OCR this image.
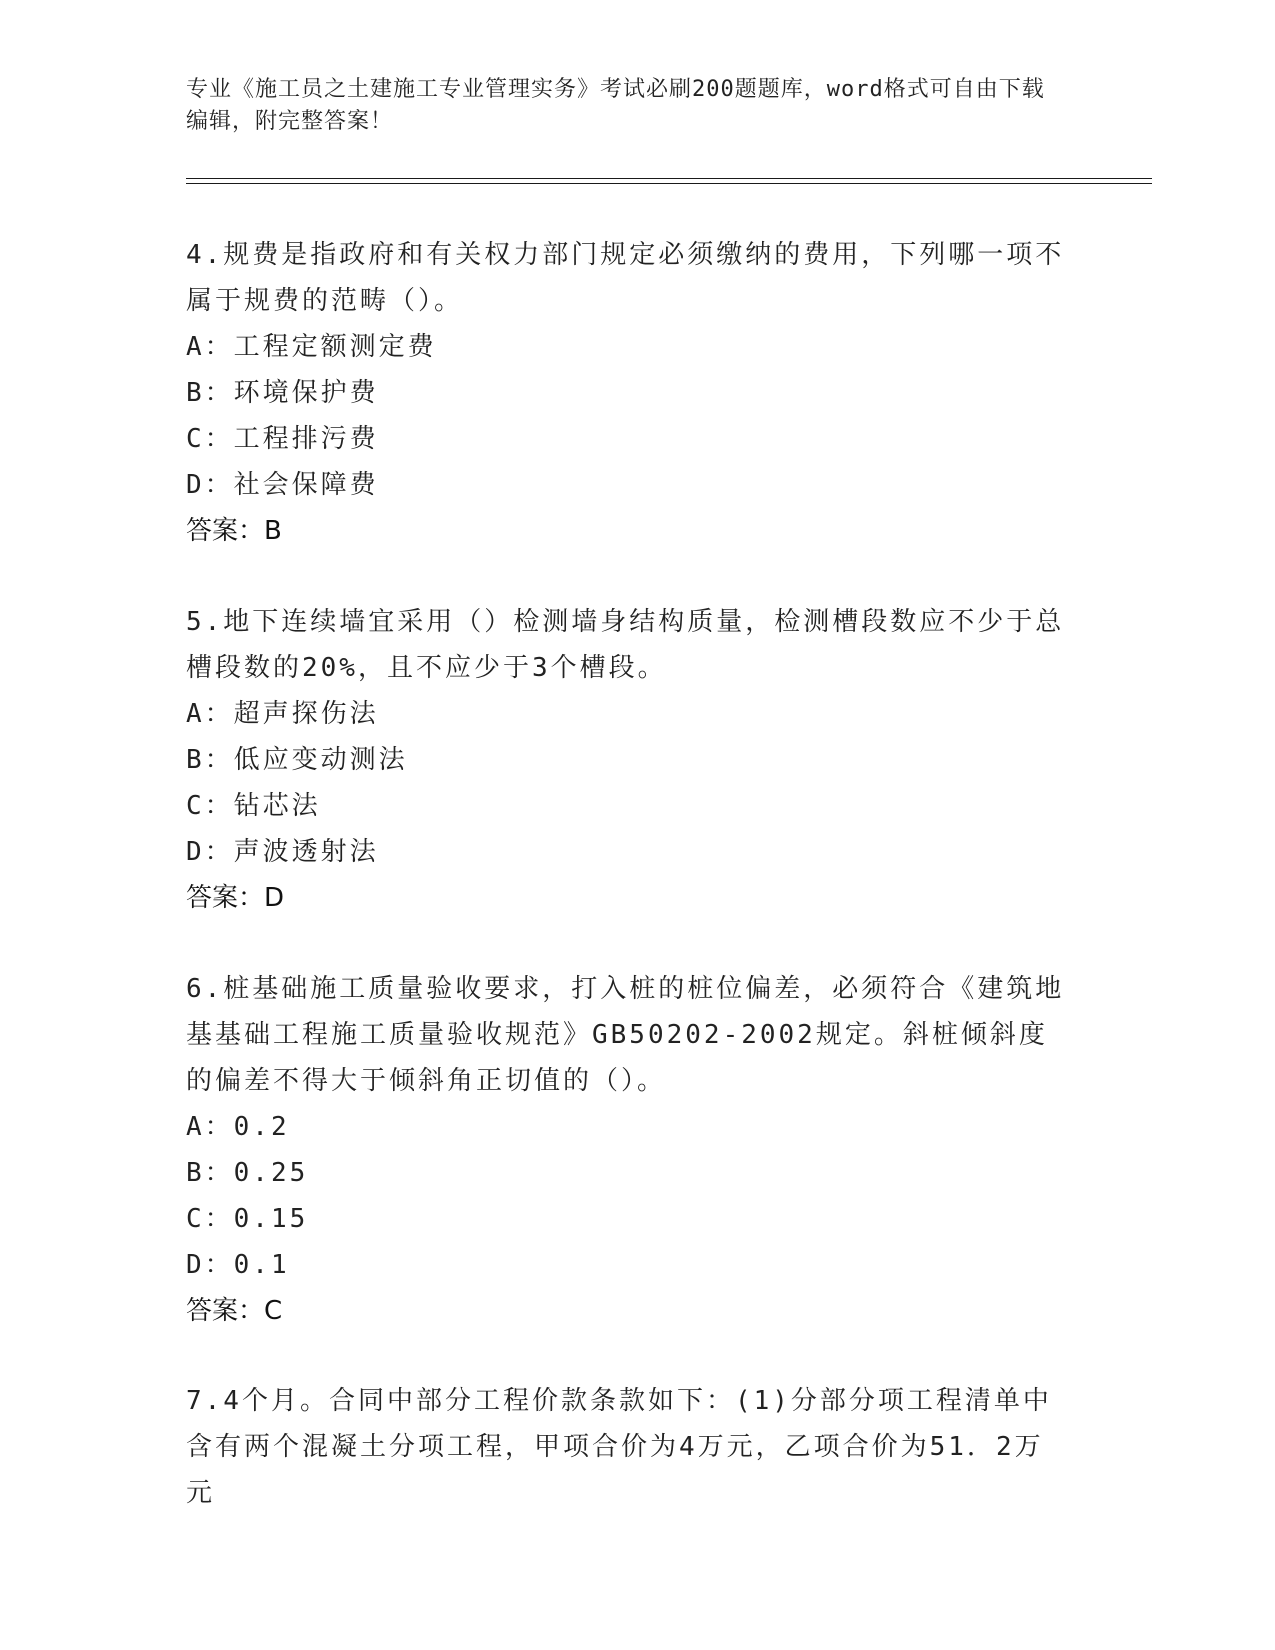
专业《施工员之土建施工专业管理实务》考试必刷200题题库，word格式可自由下载编辑，附完整答案！
4.规费是指政府和有关权力部门规定必须缴纳的费用，下列哪一项不属于规费的范畴（）。
A：工程定额测定费
B：环境保护费
C：工程排污费
D：社会保障费
答案：B
5.地下连续墙宜采用（）检测墙身结构质量，检测槽段数应不少于总槽段数的20%，且不应少于3个槽段。
A：超声探伤法
B：低应变动测法
C：钻芯法
D：声波透射法
答案：D
6.桩基础施工质量验收要求，打入桩的桩位偏差，必须符合《建筑地基基础工程施工质量验收规范》GB50202-2002规定。斜桩倾斜度的偏差不得大于倾斜角正切值的（）。
A：0.2
B：0.25
C：0.15
D：0.1
答案：C
7.4个月。合同中部分工程价款条款如下：(1)分部分项工程清单中含有两个混凝土分项工程，甲项合价为4万元，乙项合价为51．2万元
